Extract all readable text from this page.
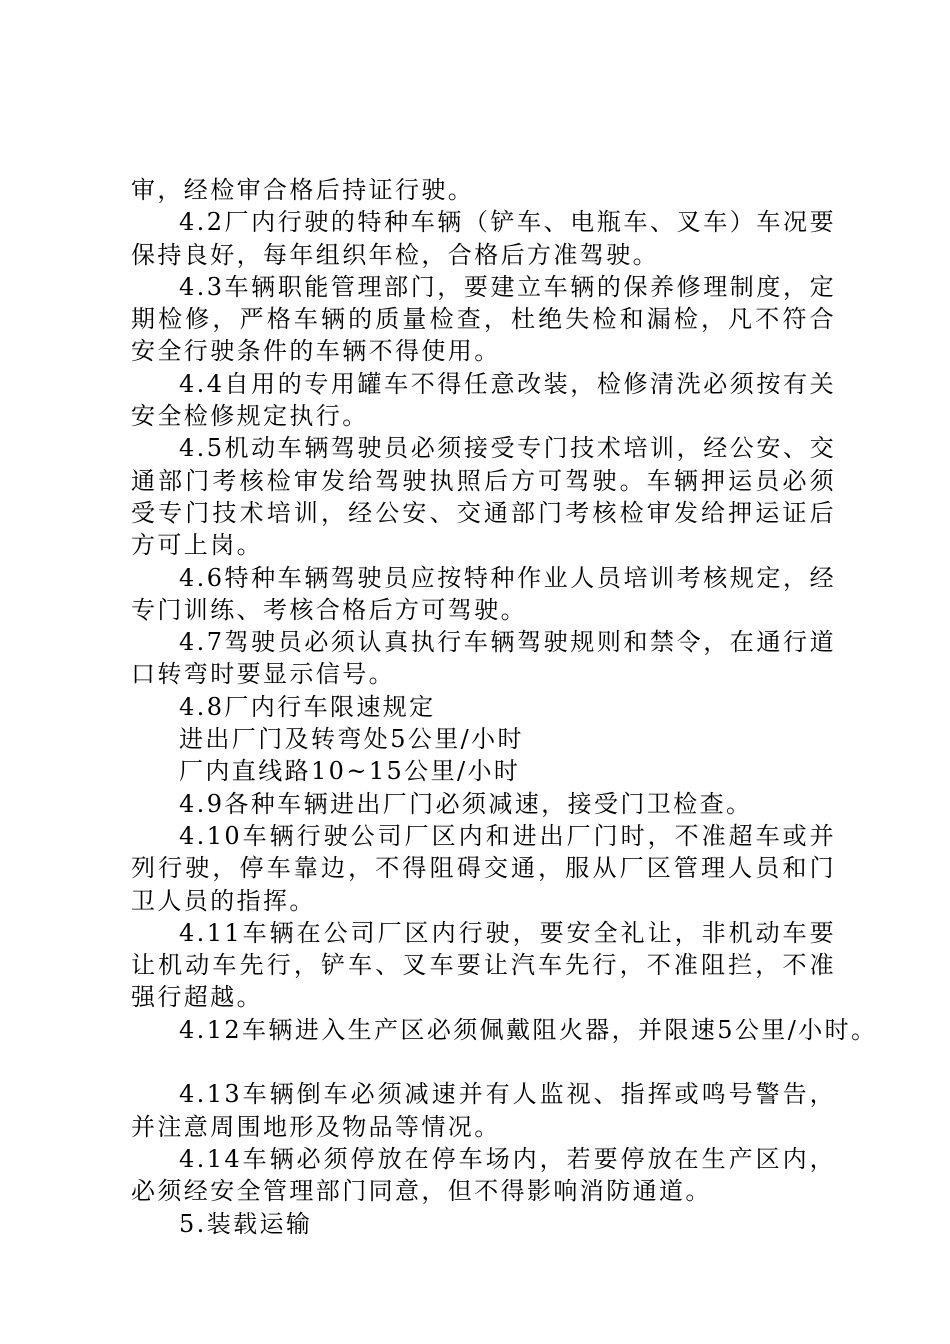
审，经检审合格后持证行驶。

4.2厂内行驶的特种车辆（铲车、电瓶车、叉车）车况要保持良好，每年组织年检，合格后方准驾驶。

4.3车辆职能管理部门，要建立车辆的保养修理制度，定期检修，严格车辆的质量检查，杜绝失检和漏检，凡不符合安全行驶条件的车辆不得使用。

4.4自用的专用罐车不得任意改装，检修清洗必须按有关安全检修规定执行。

4.5机动车辆驾驶员必须接受专门技术培训，经公安、交通部门考核检审发给驾驶执照后方可驾驶。车辆押运员必须受专门技术培训，经公安、交通部门考核检审发给押运证后方可上岗。

4.6特种车辆驾驶员应按特种作业人员培训考核规定，经专门训练、考核合格后方可驾驶。

4.7驾驶员必须认真执行车辆驾驶规则和禁令，在通行道口转弯时要显示信号。

4.8厂内行车限速规定

进出厂门及转弯处5公里/小时

厂内直线路10~15公里/小时

4.9各种车辆进出厂门必须减速，接受门卫检查。

4.10车辆行驶公司厂区内和进出厂门时，不准超车或并列行驶，停车靠边，不得阻碍交通，服从厂区管理人员和门卫人员的指挥。

4.11车辆在公司厂区内行驶，要安全礼让，非机动车要让机动车先行，铲车、叉车要让汽车先行，不准阻拦，不准强行超越。

4.12车辆进入生产区必须佩戴阻火器，并限速5公里/小时。

4.13车辆倒车必须减速并有人监视、指挥或鸣号警告，并注意周围地形及物品等情况。

4.14车辆必须停放在停车场内，若要停放在生产区内，必须经安全管理部门同意，但不得影响消防通道。

5.装载运输
